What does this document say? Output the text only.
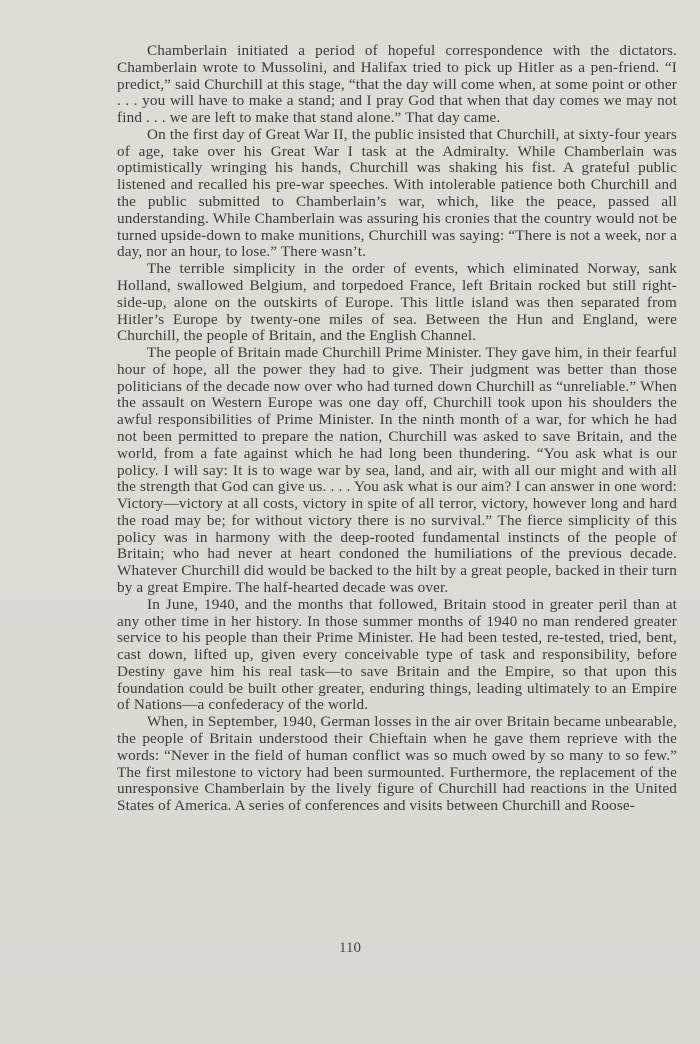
Chamberlain initiated a period of hopeful correspondence with the dictators. Chamberlain wrote to Mussolini, and Halifax tried to pick up Hitler as a pen-friend. “I predict,” said Churchill at this stage, “that the day will come when, at some point or other . . . you will have to make a stand; and I pray God that when that day comes we may not find . . . we are left to make that stand alone.” That day came.

On the first day of Great War II, the public insisted that Churchill, at sixty-four years of age, take over his Great War I task at the Admiralty. While Chamberlain was optimistically wringing his hands, Churchill was shaking his fist. A grateful public listened and recalled his pre-war speeches. With intolerable patience both Churchill and the public submitted to Chamberlain’s war, which, like the peace, passed all understanding. While Chamberlain was assuring his cronies that the country would not be turned upside-down to make munitions, Churchill was saying: “There is not a week, nor a day, nor an hour, to lose.” There wasn’t.

The terrible simplicity in the order of events, which eliminated Norway, sank Holland, swallowed Belgium, and torpedoed France, left Britain rocked but still right-side-up, alone on the outskirts of Europe. This little island was then separated from Hitler’s Europe by twenty-one miles of sea. Between the Hun and England, were Churchill, the people of Britain, and the English Channel.

The people of Britain made Churchill Prime Minister. They gave him, in their fearful hour of hope, all the power they had to give. Their judgment was better than those politicians of the decade now over who had turned down Churchill as “unreliable.” When the assault on Western Europe was one day off, Churchill took upon his shoulders the awful responsibilities of Prime Minister. In the ninth month of a war, for which he had not been permitted to prepare the nation, Churchill was asked to save Britain, and the world, from a fate against which he had long been thundering. “You ask what is our policy. I will say: It is to wage war by sea, land, and air, with all our might and with all the strength that God can give us. . . . You ask what is our aim? I can answer in one word: Victory—victory at all costs, victory in spite of all terror, victory, however long and hard the road may be; for without victory there is no survival.” The fierce simplicity of this policy was in harmony with the deep-rooted fundamental instincts of the people of Britain; who had never at heart condoned the humiliations of the previous decade. Whatever Churchill did would be backed to the hilt by a great people, backed in their turn by a great Empire. The half-hearted decade was over.

In June, 1940, and the months that followed, Britain stood in greater peril than at any other time in her history. In those summer months of 1940 no man rendered greater service to his people than their Prime Minister. He had been tested, re-tested, tried, bent, cast down, lifted up, given every conceivable type of task and responsibility, before Destiny gave him his real task—to save Britain and the Empire, so that upon this foundation could be built other greater, enduring things, leading ultimately to an Empire of Nations—a confederacy of the world.

When, in September, 1940, German losses in the air over Britain became unbearable, the people of Britain understood their Chieftain when he gave them reprieve with the words: “Never in the field of human conflict was so much owed by so many to so few.” The first milestone to victory had been surmounted. Furthermore, the replacement of the unresponsive Chamberlain by the lively figure of Churchill had reactions in the United States of America. A series of conferences and visits between Churchill and Roose-

110
